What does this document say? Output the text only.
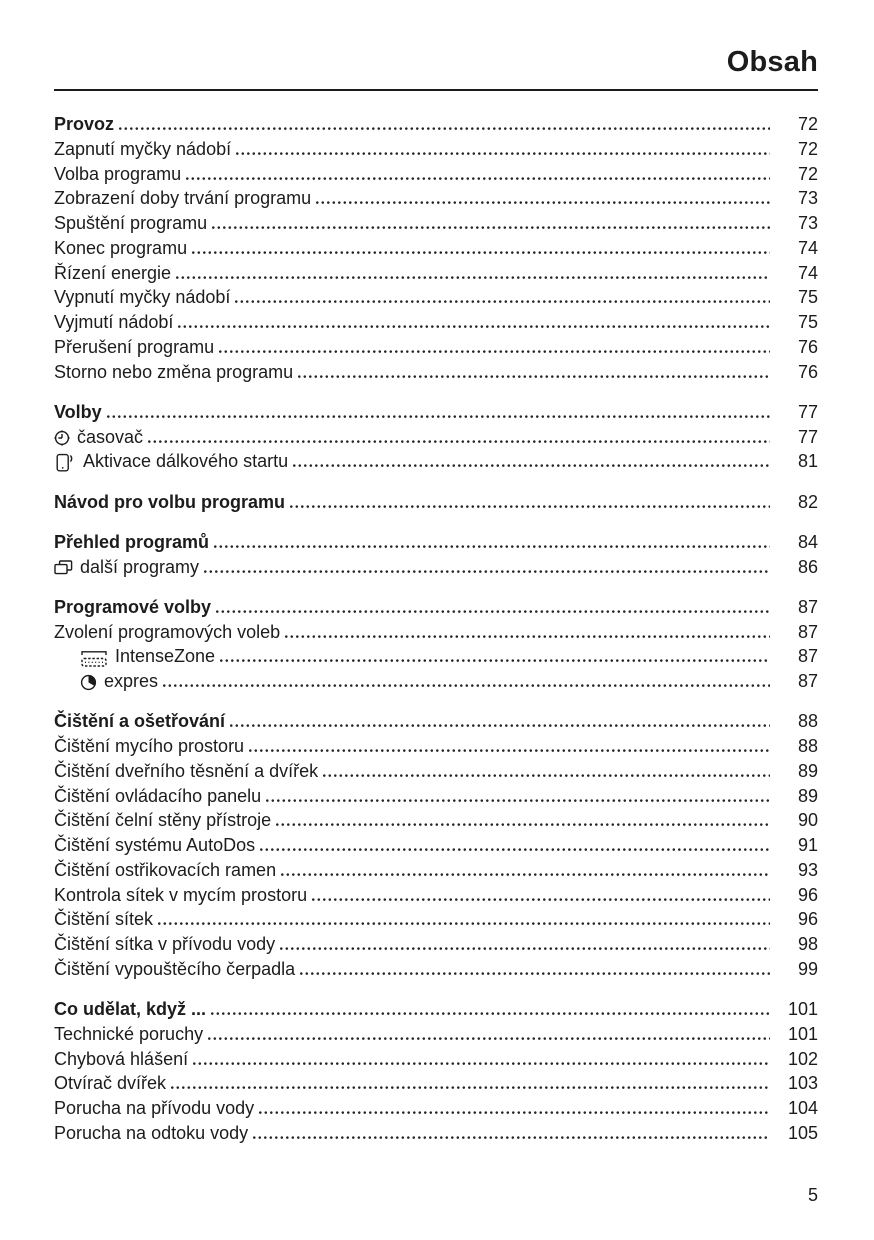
Obsah
Provoz	72
Zapnutí myčky nádobí	72
Volba programu	72
Zobrazení doby trvání programu	73
Spuštění programu	73
Konec programu	74
Řízení energie	74
Vypnutí myčky nádobí	75
Vyjmutí nádobí	75
Přerušení programu	76
Storno nebo změna programu	76
Volby	77
časovač	77
Aktivace dálkového startu	81
Návod pro volbu programu	82
Přehled programů	84
další programy	86
Programové volby	87
Zvolení programových voleb	87
IntenseZone	87
expres	87
Čištění a ošetřování	88
Čištění mycího prostoru	88
Čištění dveřního těsnění a dvířek	89
Čištění ovládacího panelu	89
Čištění čelní stěny přístroje	90
Čištění systému AutoDos	91
Čištění ostřikovacích ramen	93
Kontrola sítek v mycím prostoru	96
Čištění sítek	96
Čištění sítka v přívodu vody	98
Čištění vypouštěcího čerpadla	99
Co udělat, když ...	101
Technické poruchy	101
Chybová hlášení	102
Otvírač dvířek	103
Porucha na přívodu vody	104
Porucha na odtoku vody	105
5
